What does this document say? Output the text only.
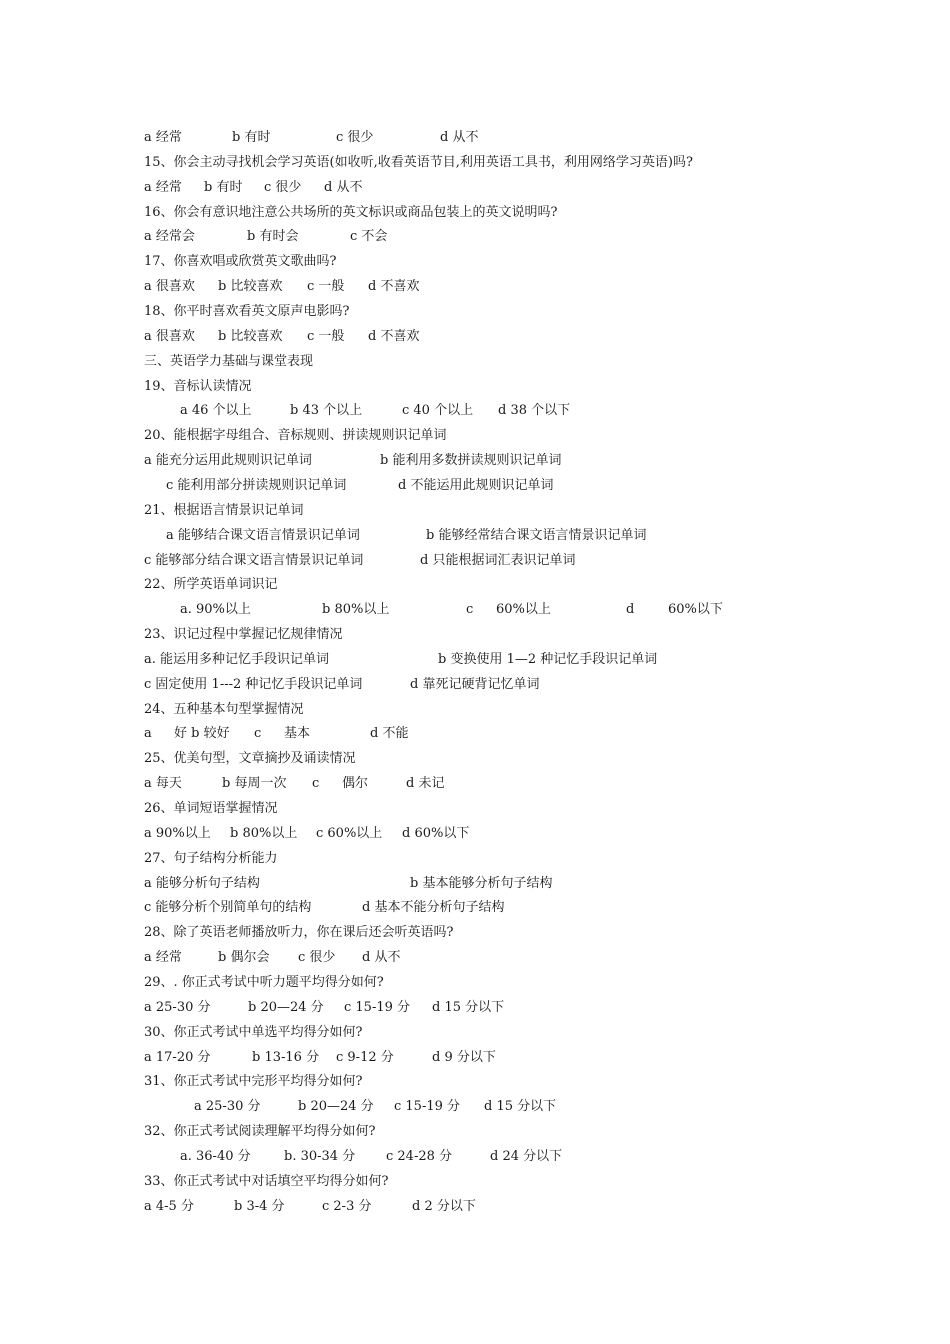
a 经常	b 有时	c 很少	d 从不
15、你会主动寻找机会学习英语(如收听,收看英语节目,利用英语工具书，利用网络学习英语)吗?
a 经常 b 有时 c 很少 d 从不
16、你会有意识地注意公共场所的英文标识或商品包装上的英文说明吗?
a 经常会	b 有时会	c 不会
17、你喜欢唱或欣赏英文歌曲吗?
a 很喜欢 b 比较喜欢 c 一般 d 不喜欢
18、你平时喜欢看英文原声电影吗?
a 很喜欢 b 比较喜欢 c 一般 d 不喜欢
三、英语学力基础与课堂表现
19、音标认读情况
a 46 个以上	b 43 个以上	c 40 个以上 d 38 个以下
20、能根据字母组合、音标规则、拼读规则识记单词
a 能充分运用此规则识记单词	b 能利用多数拼读规则识记单词
c 能利用部分拼读规则识记单词	d 不能运用此规则识记单词
21、根据语言情景识记单词
a 能够结合课文语言情景识记单词	b 能够经常结合课文语言情景识记单词
c 能够部分结合课文语言情景识记单词	d 只能根据词汇表识记单词
22、所学英语单词识记
a. 90%以上	b 80%以上	c 60%以上	d	60%以下
23、识记过程中掌握记忆规律情况
a. 能运用多种记忆手段识记单词	b 变换使用 1—2 种记忆手段识记单词
c 固定使用 1---2 种记忆手段识记单词	d 靠死记硬背记忆单词
24、五种基本句型掌握情况
a 好 b 较好 c 基本	d 不能
25、优美句型，文章摘抄及诵读情况
a 每天	b 每周一次 c 偶尔	d 未记
26、单词短语掌握情况
a 90%以上 b 80%以上 c 60%以上 d 60%以下
27、句子结构分析能力
a 能够分析句子结构	b 基本能够分析句子结构
c 能够分析个别简单句的结构	d 基本不能分析句子结构
28、除了英语老师播放听力，你在课后还会听英语吗?
a 经常	b 偶尔会 c 很少 d 从不
29、. 你正式考试中听力题平均得分如何?
a 25-30 分	b 20—24 分 c 15-19 分 d 15 分以下
30、你正式考试中单选平均得分如何?
a 17-20 分	b 13-16 分 c 9-12 分	d 9 分以下
31、你正式考试中完形平均得分如何?
a 25-30 分	b 20—24 分 c 15-19 分 d 15 分以下
32、你正式考试阅读理解平均得分如何?
a. 36-40 分	b. 30-34 分 c 24-28 分	d 24 分以下
33、你正式考试中对话填空平均得分如何?
a 4-5 分	b 3-4 分	c 2-3 分	d 2 分以下
